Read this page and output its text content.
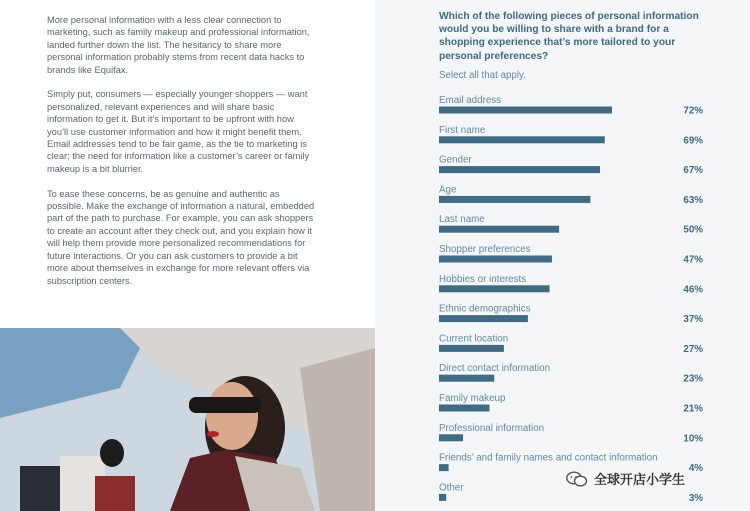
More personal information with a less clear connection to marketing, such as family makeup and professional information, landed further down the list. The hesitancy to share more personal information probably stems from recent data hacks to brands like Equifax.

Simply put, consumers — especially younger shoppers — want personalized, relevant experiences and will share basic information to get it. But it’s important to be upfront with how you’ll use customer information and how it might benefit them. Email addresses tend to be fair game, as the tie to marketing is clear; the need for information like a customer’s career or family makeup is a bit blurrier.

To ease these concerns, be as genuine and authentic as possible. Make the exchange of information a natural, embedded part of the path to purchase. For example, you can ask shoppers to create an account after they check out, and you explain how it will help them provide more personalized recommendations for future interactions. Or you can ask customers to provide a bit more about themselves in exchange for more relevant offers via subscription centers.

Which of the following pieces of personal information would you be willing to share with a brand for a shopping experience that’s more tailored to your personal preferences?
Select all that apply.
Email address
72%
First name
69%
Gender
67%
Age
63%
Last name
50%
Shopper preferences
47%
Hobbies or interests
46%
Ethnic demographics
37%
Current location
27%
Direct contact information
23%
Family makeup
21%
Professional information
10%
Friends’ and family names and contact information
4%
Other
3%
全球开店小学生
